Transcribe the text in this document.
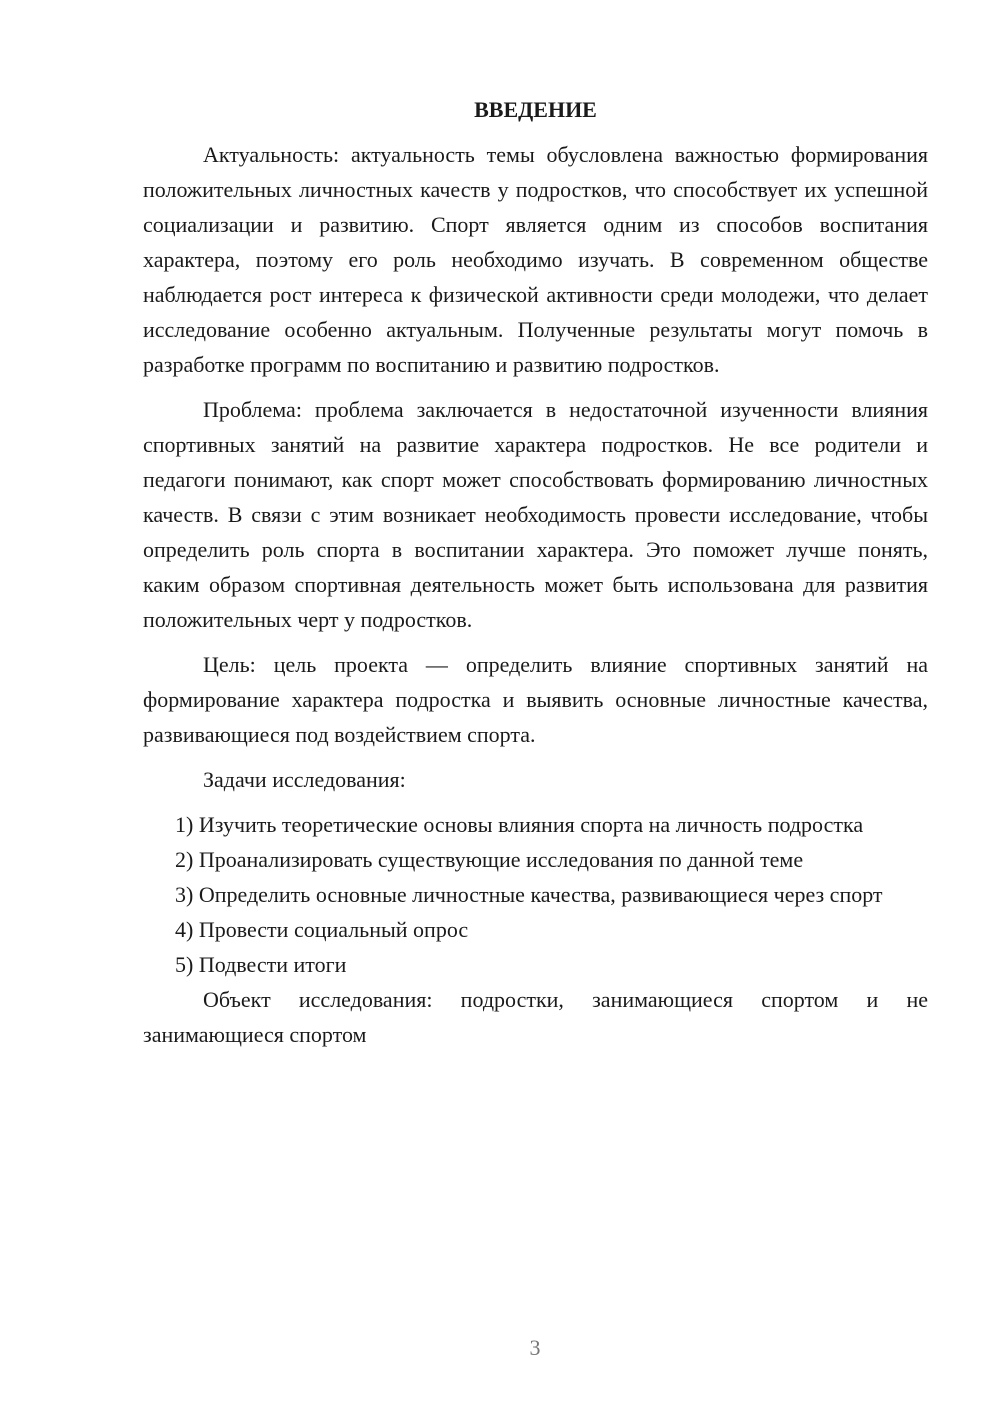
ВВЕДЕНИЕ

Актуальность: актуальность темы обусловлена важностью формирования положительных личностных качеств у подростков, что способствует их успешной социализации и развитию. Спорт является одним из способов воспитания характера, поэтому его роль необходимо изучать. В современном обществе наблюдается рост интереса к физической активности среди молодежи, что делает исследование особенно актуальным. Полученные результаты могут помочь в разработке программ по воспитанию и развитию подростков.

Проблема: проблема заключается в недостаточной изученности влияния спортивных занятий на развитие характера подростков. Не все родители и педагоги понимают, как спорт может способствовать формированию личностных качеств. В связи с этим возникает необходимость провести исследование, чтобы определить роль спорта в воспитании характера. Это поможет лучше понять, каким образом спортивная деятельность может быть использована для развития положительных черт у подростков.

Цель: цель проекта — определить влияние спортивных занятий на формирование характера подростка и выявить основные личностные качества, развивающиеся под воздействием спорта.

Задачи исследования:

1) Изучить теоретические основы влияния спорта на личность подростка

2) Проанализировать существующие исследования по данной теме

3) Определить основные личностные качества, развивающиеся через спорт

4) Провести социальный опрос

5) Подвести итоги

Объект исследования: подростки, занимающиеся спортом и не занимающиеся спортом

3
